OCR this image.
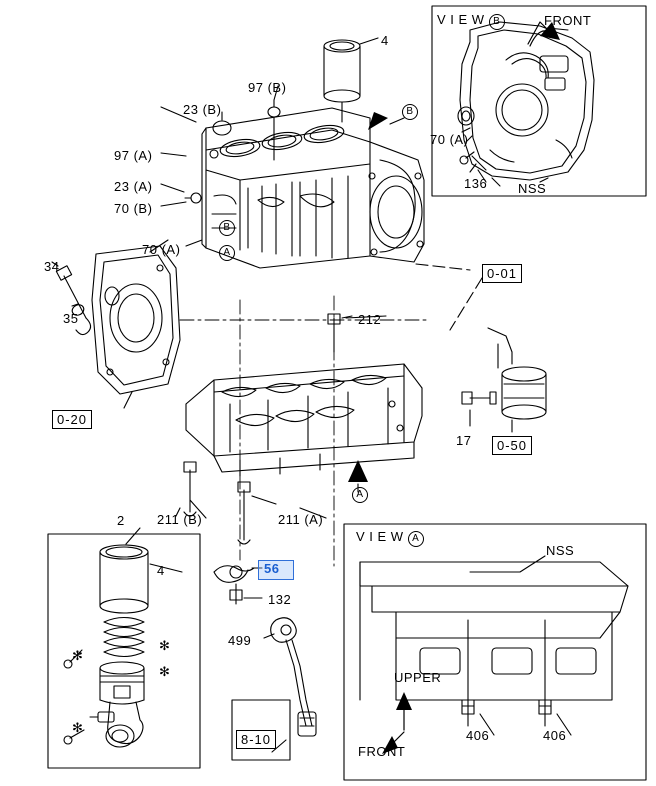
V I E W B
V I E W A
B
A
B
A
4
97 (B)
23 (B)
97 (A)
23 (A)
70 (B)
70 (A)
34
35	212
17
211 (B)	211 (A)
2
56
132
499
4
136
70 (A)
NSS
NSS
FRONT
UPPER
FRONT
406	406
0-01
0-20
0-50
8-10
✻
✻
✻
✻
